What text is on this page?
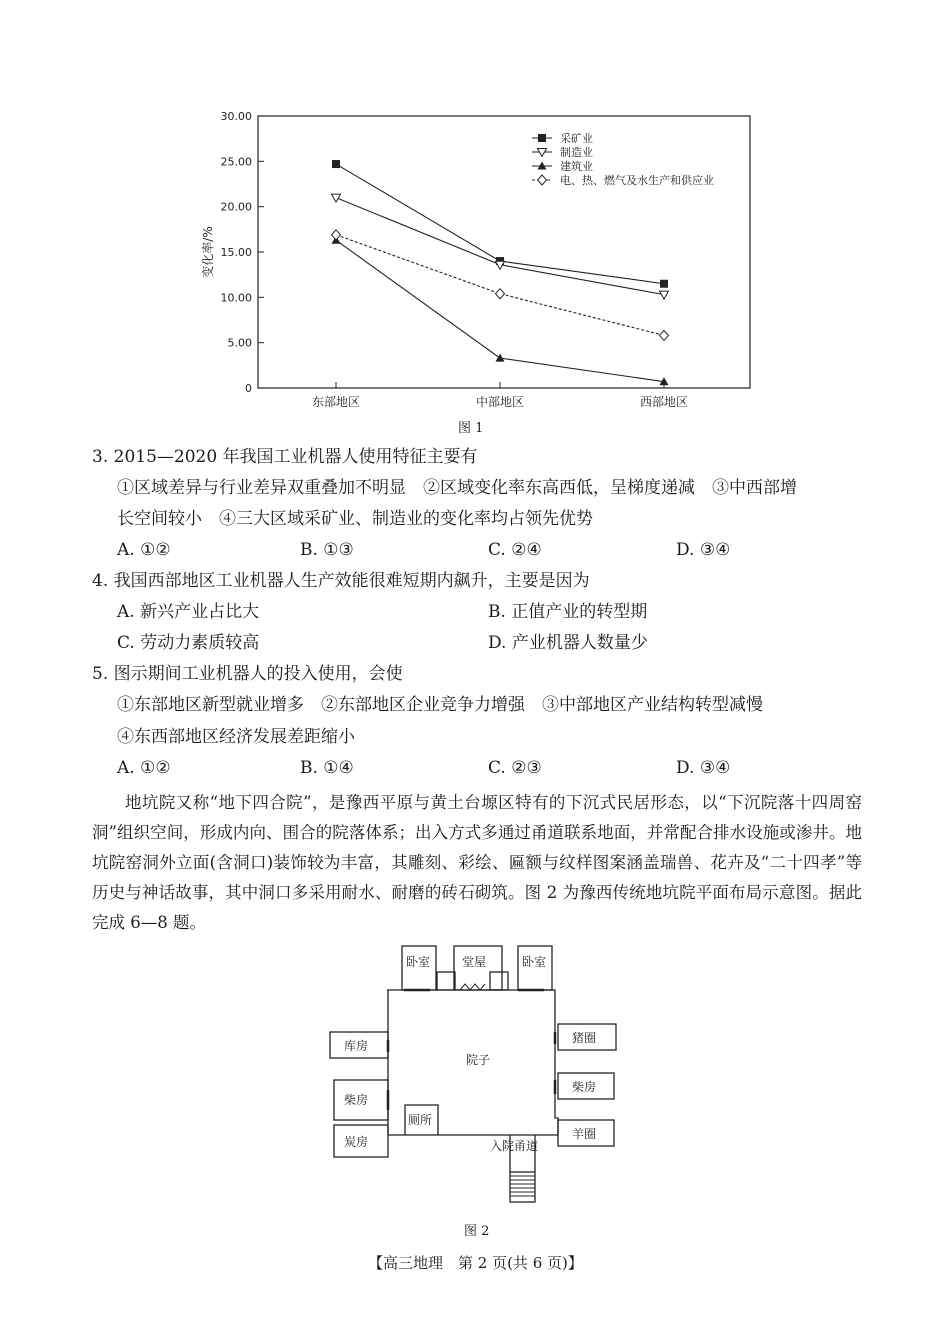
0
5.00
10.00
15.00
20.00
25.00
30.00
东部地区	中部地区	西部地区
变化率/%
采矿业
制造业
建筑业
电、热、燃气及水生产和供应业
图 1
3. 2015—2020 年我国工业机器人使用特征主要有
①区域差异与行业差异双重叠加不明显　②区域变化率东高西低，呈梯度递减　③中西部增
长空间较小　④三大区域采矿业、制造业的变化率均占领先优势
A. ①②	B. ①③	C. ②④	D. ③④
4. 我国西部地区工业机器人生产效能很难短期内飙升，主要是因为
A. 新兴产业占比大	B. 正值产业的转型期
C. 劳动力素质较高	D. 产业机器人数量少
5. 图示期间工业机器人的投入使用，会使
①东部地区新型就业增多　②东部地区企业竞争力增强　③中部地区产业结构转型减慢
④东西部地区经济发展差距缩小
A. ①②	B. ①④	C. ②③	D. ③④
地坑院又称“地下四合院”，是豫西平原与黄土台塬区特有的下沉式民居形态，以“下沉院落十四周窑洞”组织空间，形成内向、围合的院落体系；出入方式多通过甬道联系地面，并常配合排水设施或渗井。地坑院窑洞外立面(含洞口)装饰较为丰富，其雕刻、彩绘、匾额与纹样图案涵盖瑞兽、花卉及“二十四孝”等历史与神话故事，其中洞口多采用耐水、耐磨的砖石砌筑。图 2 为豫西传统地坑院平面布局示意图。据此完成 6—8 题。
卧室	堂屋	卧室
库房
猪圈
柴房
院子
柴房
炭房
厕所
羊圈
入院甬道
图 2
【高三地理　第 2 页(共 6 页)】
